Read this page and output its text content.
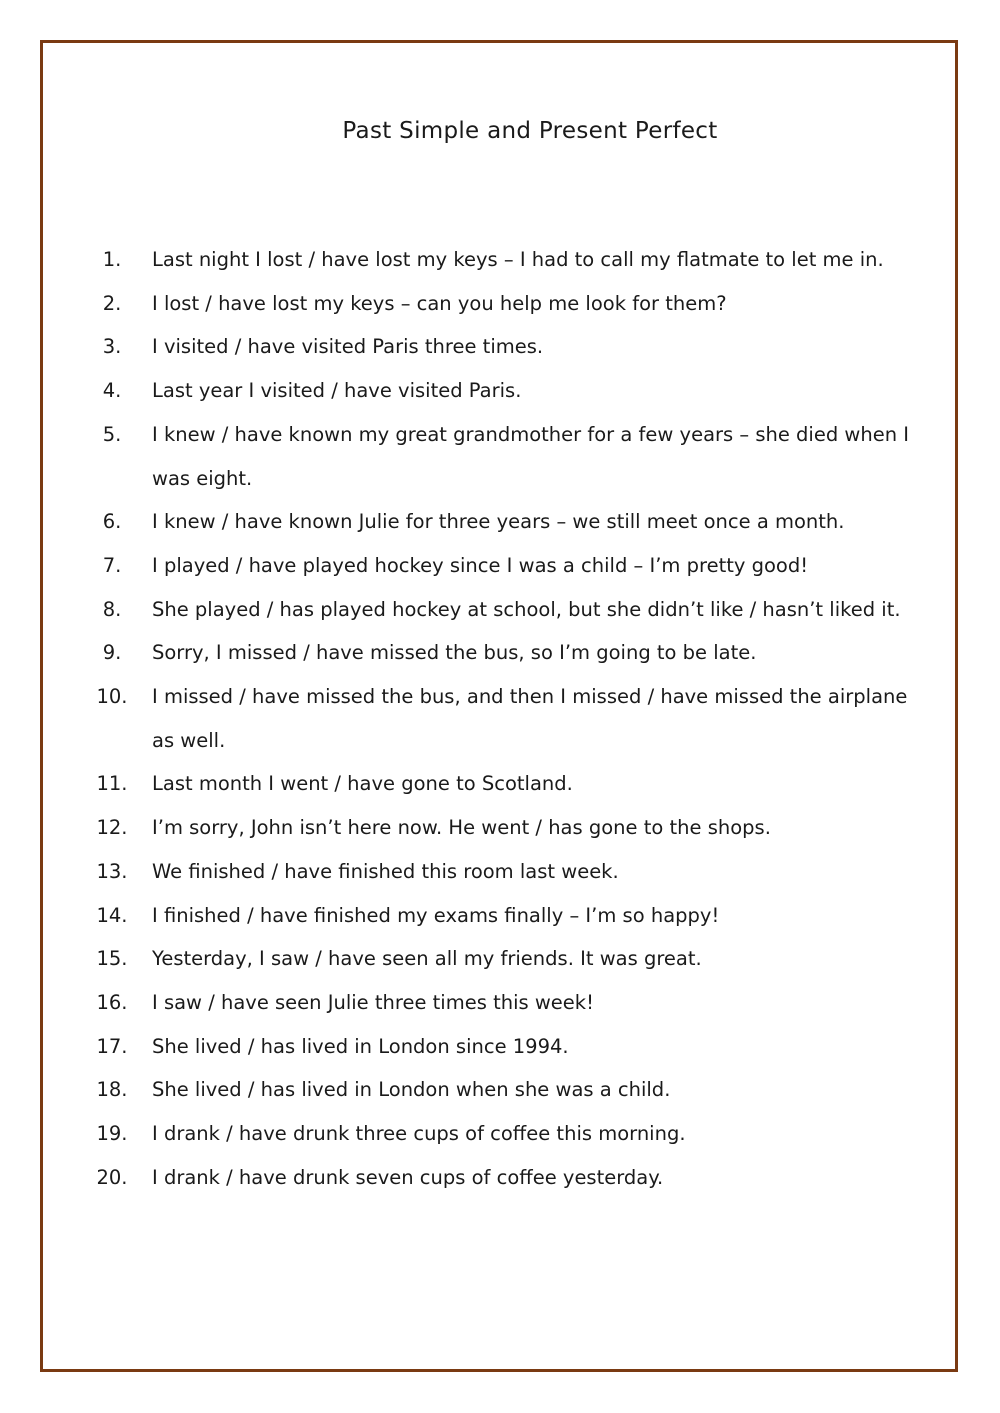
Past Simple and Present Perfect
1.	Last night I lost / have lost my keys – I had to call my flatmate to let me in.
2.	I lost / have lost my keys – can you help me look for them?
3.	I visited / have visited Paris three times.
4.	Last year I visited / have visited Paris.
5.	I knew / have known my great grandmother for a few years – she died when I was eight.
6.	I knew / have known Julie for three years – we still meet once a month.
7.	I played / have played hockey since I was a child – I’m pretty good!
8.	She played / has played hockey at school, but she didn’t like / hasn’t liked it.
9.	Sorry, I missed / have missed the bus, so I’m going to be late.
10.	I missed / have missed the bus, and then I missed / have missed the airplane as well.
11.	Last month I went / have gone to Scotland.
12.	I’m sorry, John isn’t here now. He went / has gone to the shops.
13.	We finished / have finished this room last week.
14.	I finished / have finished my exams finally – I’m so happy!
15.	Yesterday, I saw / have seen all my friends. It was great.
16.	I saw / have seen Julie three times this week!
17.	She lived / has lived in London since 1994.
18.	She lived / has lived in London when she was a child.
19.	I drank / have drunk three cups of coffee this morning.
20.	I drank / have drunk seven cups of coffee yesterday.
